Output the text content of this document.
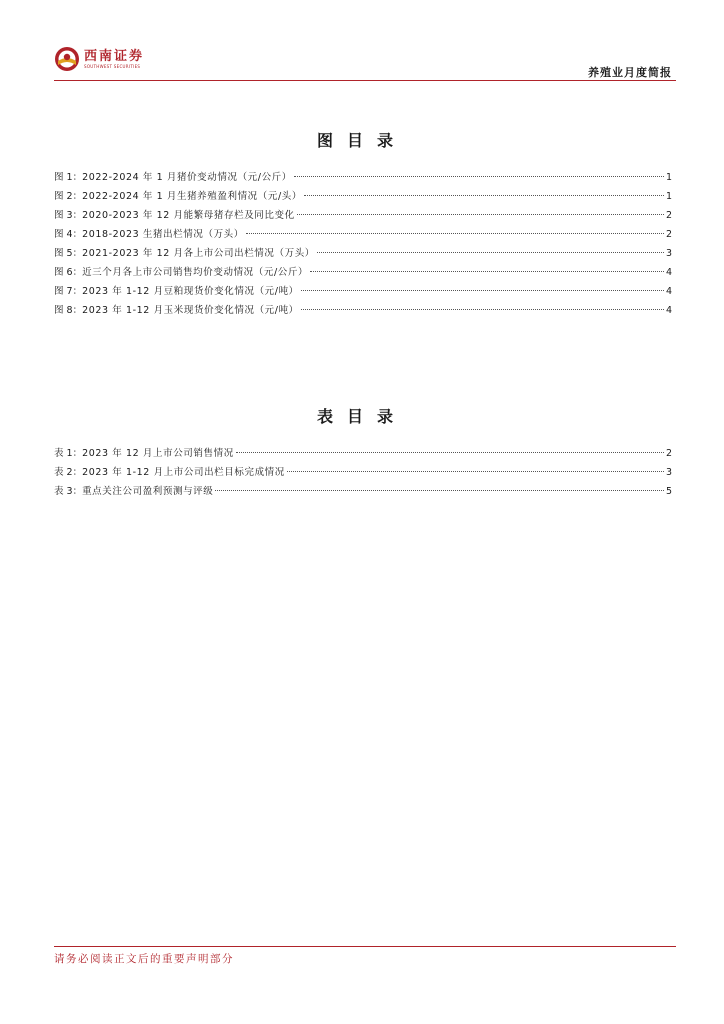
西南证券
SOUTHWEST SECURITIES	养殖业月度简报
图目录
图 1： 2022-2024 年 1 月猪价变动情况（元/公斤）	1
图 2： 2022-2024 年 1 月生猪养殖盈利情况（元/头）	1
图 3： 2020-2023 年 12 月能繁母猪存栏及同比变化	2
图 4： 2018-2023 生猪出栏情况（万头）	2
图 5： 2021-2023 年 12 月各上市公司出栏情况（万头）	3
图 6： 近三个月各上市公司销售均价变动情况（元/公斤）	4
图 7： 2023 年 1-12 月豆粕现货价变化情况（元/吨）	4
图 8： 2023 年 1-12 月玉米现货价变化情况（元/吨）	4
表目录
表 1： 2023 年 12 月上市公司销售情况	2
表 2： 2023 年 1-12 月上市公司出栏目标完成情况	3
表 3： 重点关注公司盈利预测与评级	5
请务必阅读正文后的重要声明部分
